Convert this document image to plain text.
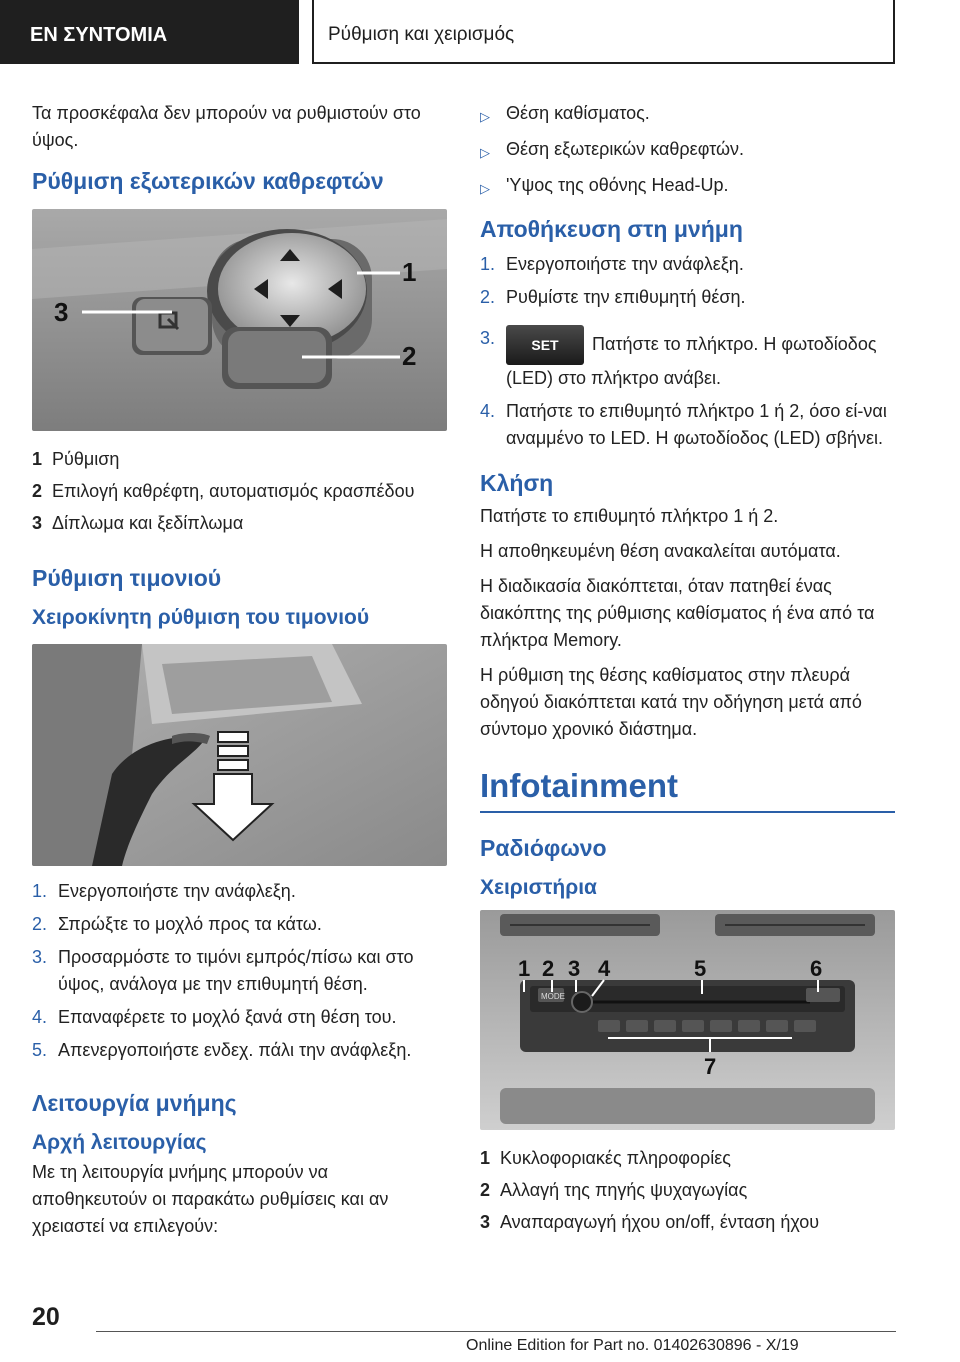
ΕΝ ΣΥΝΤΟΜΙΑ	Ρύθμιση και χειρισμός

Τα προσκέφαλα δεν μπορούν να ρυθμιστούν στο ύψος.

Ρύθμιση εξωτερικών καθρεφτών
1
2
3
1 Ρύθμιση
2 Επιλογή καθρέφτη, αυτοματισμός κρασπέδου
3 Δίπλωμα και ξεδίπλωμα
Ρύθμιση τιμονιού
Χειροκίνητη ρύθμιση του τιμονιού
1. Ενεργοποιήστε την ανάφλεξη.
2. Σπρώξτε το μοχλό προς τα κάτω.
3. Προσαρμόστε το τιμόνι εμπρός/πίσω και στο ύψος, ανάλογα με την επιθυμητή θέση.
4. Επαναφέρετε το μοχλό ξανά στη θέση του.
5. Απενεργοποιήστε ενδεχ. πάλι την ανάφλεξη.
Λειτουργία μνήμης
Αρχή λειτουργίας

Με τη λειτουργία μνήμης μπορούν να αποθηκευτούν οι παρακάτω ρυθμίσεις και αν χρειαστεί να επιλεγούν:

▷ Θέση καθίσματος.
▷ Θέση εξωτερικών καθρεφτών.
▷ 'Υψος της οθόνης Head-Up.
Αποθήκευση στη μνήμη
1. Ενεργοποιήστε την ανάφλεξη.
2. Ρυθμίστε την επιθυμητή θέση.
3.	SET Πατήστε το πλήκτρο. Η φωτοδίοδος (LED) στο πλήκτρο ανάβει.
4. Πατήστε το επιθυμητό πλήκτρο 1 ή 2, όσο εί‐ναι αναμμένο το LED. Η φωτοδίοδος (LED) σβήνει.
Κλήση

Πατήστε το επιθυμητό πλήκτρο 1 ή 2.

Η αποθηκευμένη θέση ανακαλείται αυτόματα.

Η διαδικασία διακόπτεται, όταν πατηθεί ένας διακόπτης της ρύθμισης καθίσματος ή ένα από τα πλήκτρα Memory.

Η ρύθμιση της θέσης καθίσματος στην πλευρά οδηγού διακόπτεται κατά την οδήγηση μετά από σύντομο χρονικό διάστημα.

Infotainment
Ραδιόφωνο
Χειριστήρια
MODE
1 2 3 4	5	6
7
1 Κυκλοφοριακές πληροφορίες
2 Αλλαγή της πηγής ψυχαγωγίας
3 Αναπαραγωγή ήχου on/off, ένταση ήχου
20
Online Edition for Part no. 01402630896 - X/19
